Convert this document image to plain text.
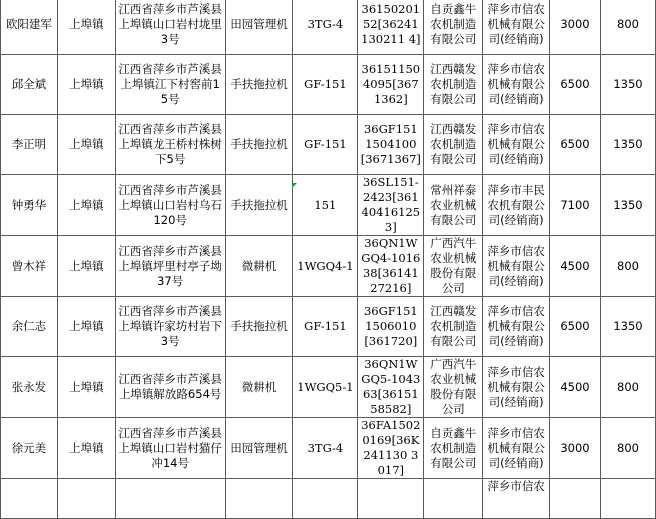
欧阳建军	上埠镇	江西省萍乡市芦溪县上埠镇山口岩村垅里3号	田园管理机	3TG-4	3615020152[36241130211 4]	自贡鑫牛农机制造有限公司	萍乡市信农机械有限公司(经销商)	3000	800
邱全斌	上埠镇	江西省萍乡市芦溪县上埠镇江下村窖前15号	手扶拖拉机	GF-151	361511504095[3671362]	江西赣发农机制造有限公司	萍乡市信农机械有限公司(经销商)	6500	1350
李正明	上埠镇	江西省萍乡市芦溪县上埠镇龙王桥村株树下5号	手扶拖拉机	GF-151	36GF1511504100[3671367]	江西赣发农机制造有限公司	萍乡市信农机械有限公司(经销商)	6500	1350
钟勇华	上埠镇	江西省萍乡市芦溪县上埠镇山口岩村乌石120号	手扶拖拉机	151	36SL151-2423[361404161253]	常州祥泰农业机械有限公司	萍乡市丰民农机有限公司(经销商)	7100	1350
曾木祥	上埠镇	江西省萍乡市芦溪县上埠镇坪里村亭子坳37号	微耕机	1WGQ4-1	36QN1WGQ4-101638[3614127216]	广西汽牛农业机械股份有限公司	萍乡市信农机械有限公司(经销商)	4500	800
余仁志	上埠镇	江西省萍乡市芦溪县上埠镇许家坊村岩下3号	手扶拖拉机	GF-151	36GF1511506010[361720]	江西赣发农机制造有限公司	萍乡市信农机械有限公司(经销商)	6500	1350
张永发	上埠镇	江西省萍乡市芦溪县上埠镇解放路654号	微耕机	1WGQ5-1	36QN1WGQ5-104363[3615158582]	广西汽牛农业机械股份有限公司	萍乡市信农机械有限公司(经销商)	4500	800
徐元美	上埠镇	江西省萍乡市芦溪县上埠镇山口岩村猫仔冲14号	田园管理机	3TG-4	36FA15020169[36K241130 3017]	自贡鑫牛农机制造有限公司	萍乡市信农机械有限公司(经销商)	3000	800
							萍乡市信农		
